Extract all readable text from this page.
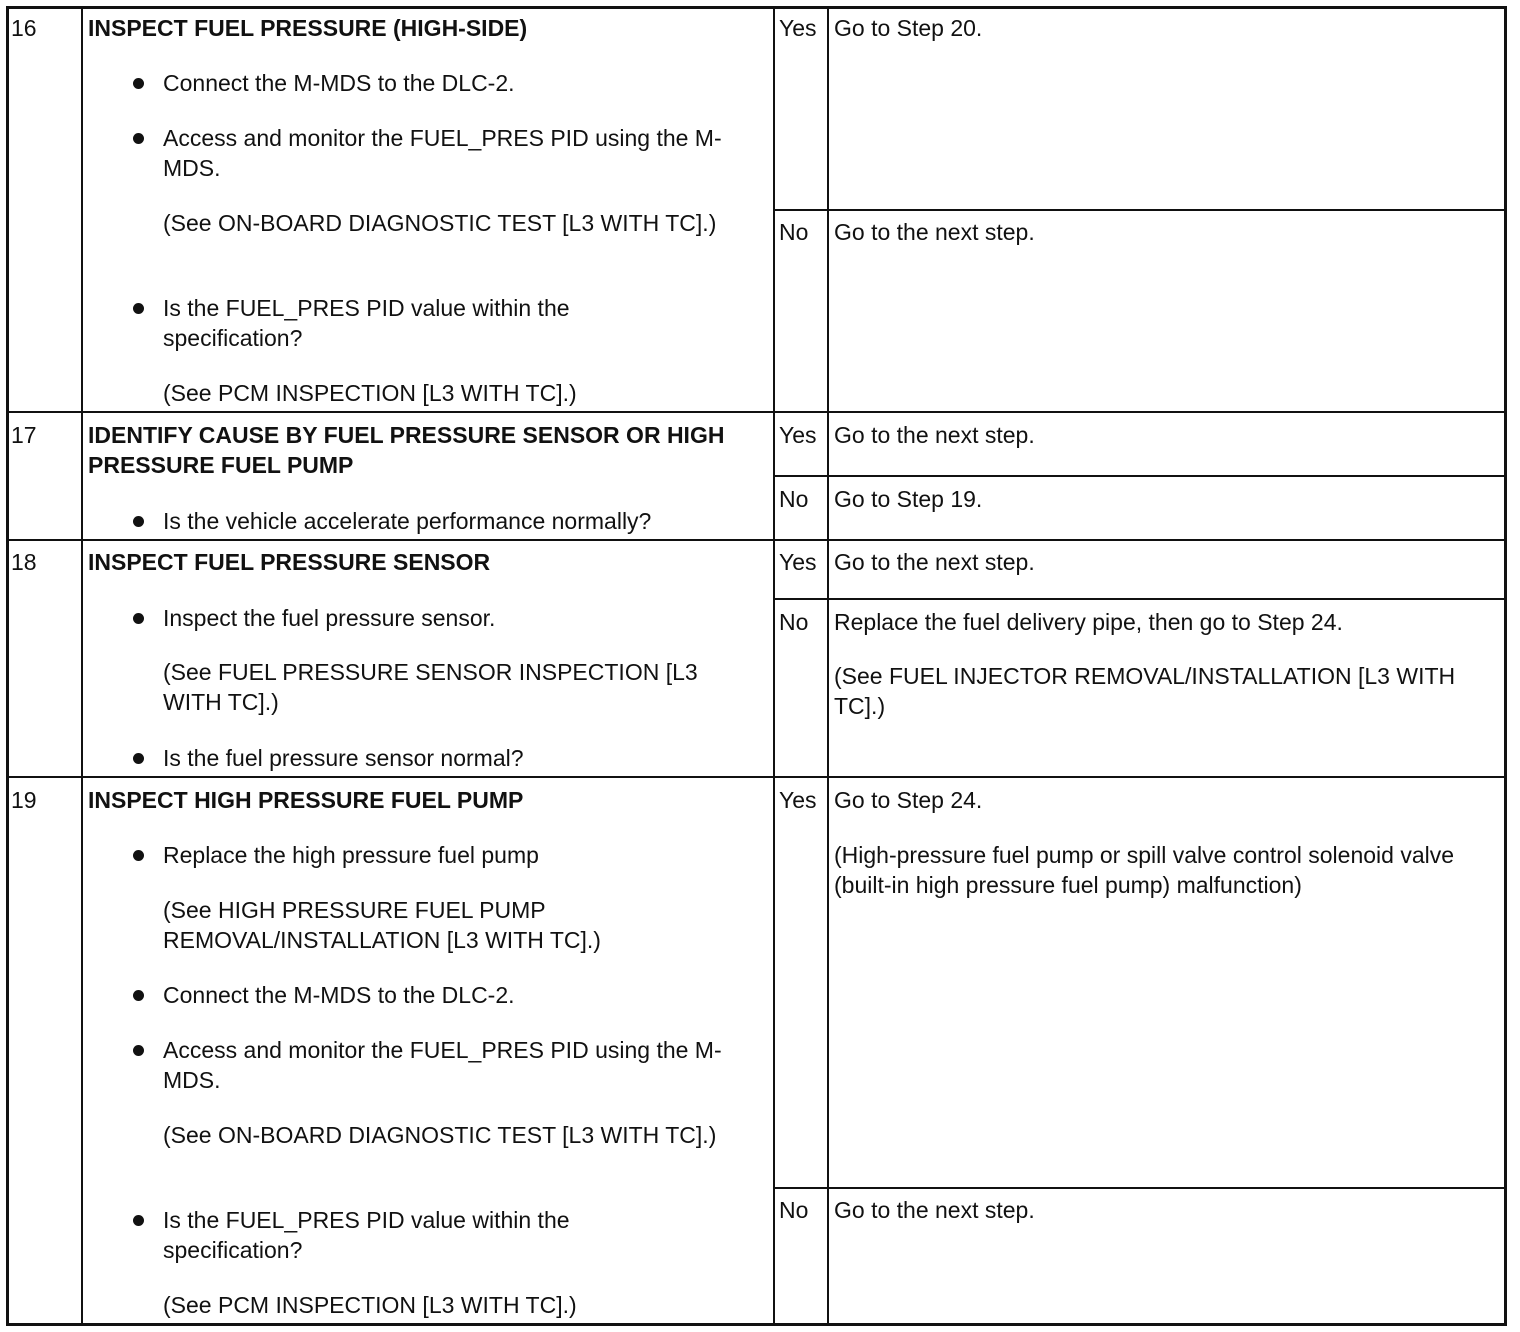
16 INSPECT FUEL PRESSURE (HIGH-SIDE)
Connect the M-MDS to the DLC-2.
Access and monitor the FUEL_PRES PID using the M-MDS.
(See ON-BOARD DIAGNOSTIC TEST [L3 WITH TC].)
Is the FUEL_PRES PID value within the specification?
(See PCM INSPECTION [L3 WITH TC].)
Yes Go to Step 20.
No Go to the next step.
17 IDENTIFY CAUSE BY FUEL PRESSURE SENSOR OR HIGH PRESSURE FUEL PUMP
Is the vehicle accelerate performance normally?
Yes Go to the next step.
No Go to Step 19.
18 INSPECT FUEL PRESSURE SENSOR
Inspect the fuel pressure sensor.
(See FUEL PRESSURE SENSOR INSPECTION [L3 WITH TC].)
Is the fuel pressure sensor normal?
Yes Go to the next step.
No Replace the fuel delivery pipe, then go to Step 24.
(See FUEL INJECTOR REMOVAL/INSTALLATION [L3 WITH TC].)
19 INSPECT HIGH PRESSURE FUEL PUMP
Replace the high pressure fuel pump
(See HIGH PRESSURE FUEL PUMP REMOVAL/INSTALLATION [L3 WITH TC].)
Connect the M-MDS to the DLC-2.
Access and monitor the FUEL_PRES PID using the M-MDS.
(See ON-BOARD DIAGNOSTIC TEST [L3 WITH TC].)
Is the FUEL_PRES PID value within the specification?
(See PCM INSPECTION [L3 WITH TC].)
Yes Go to Step 24.
(High-pressure fuel pump or spill valve control solenoid valve (built-in high pressure fuel pump) malfunction)
No Go to the next step.
